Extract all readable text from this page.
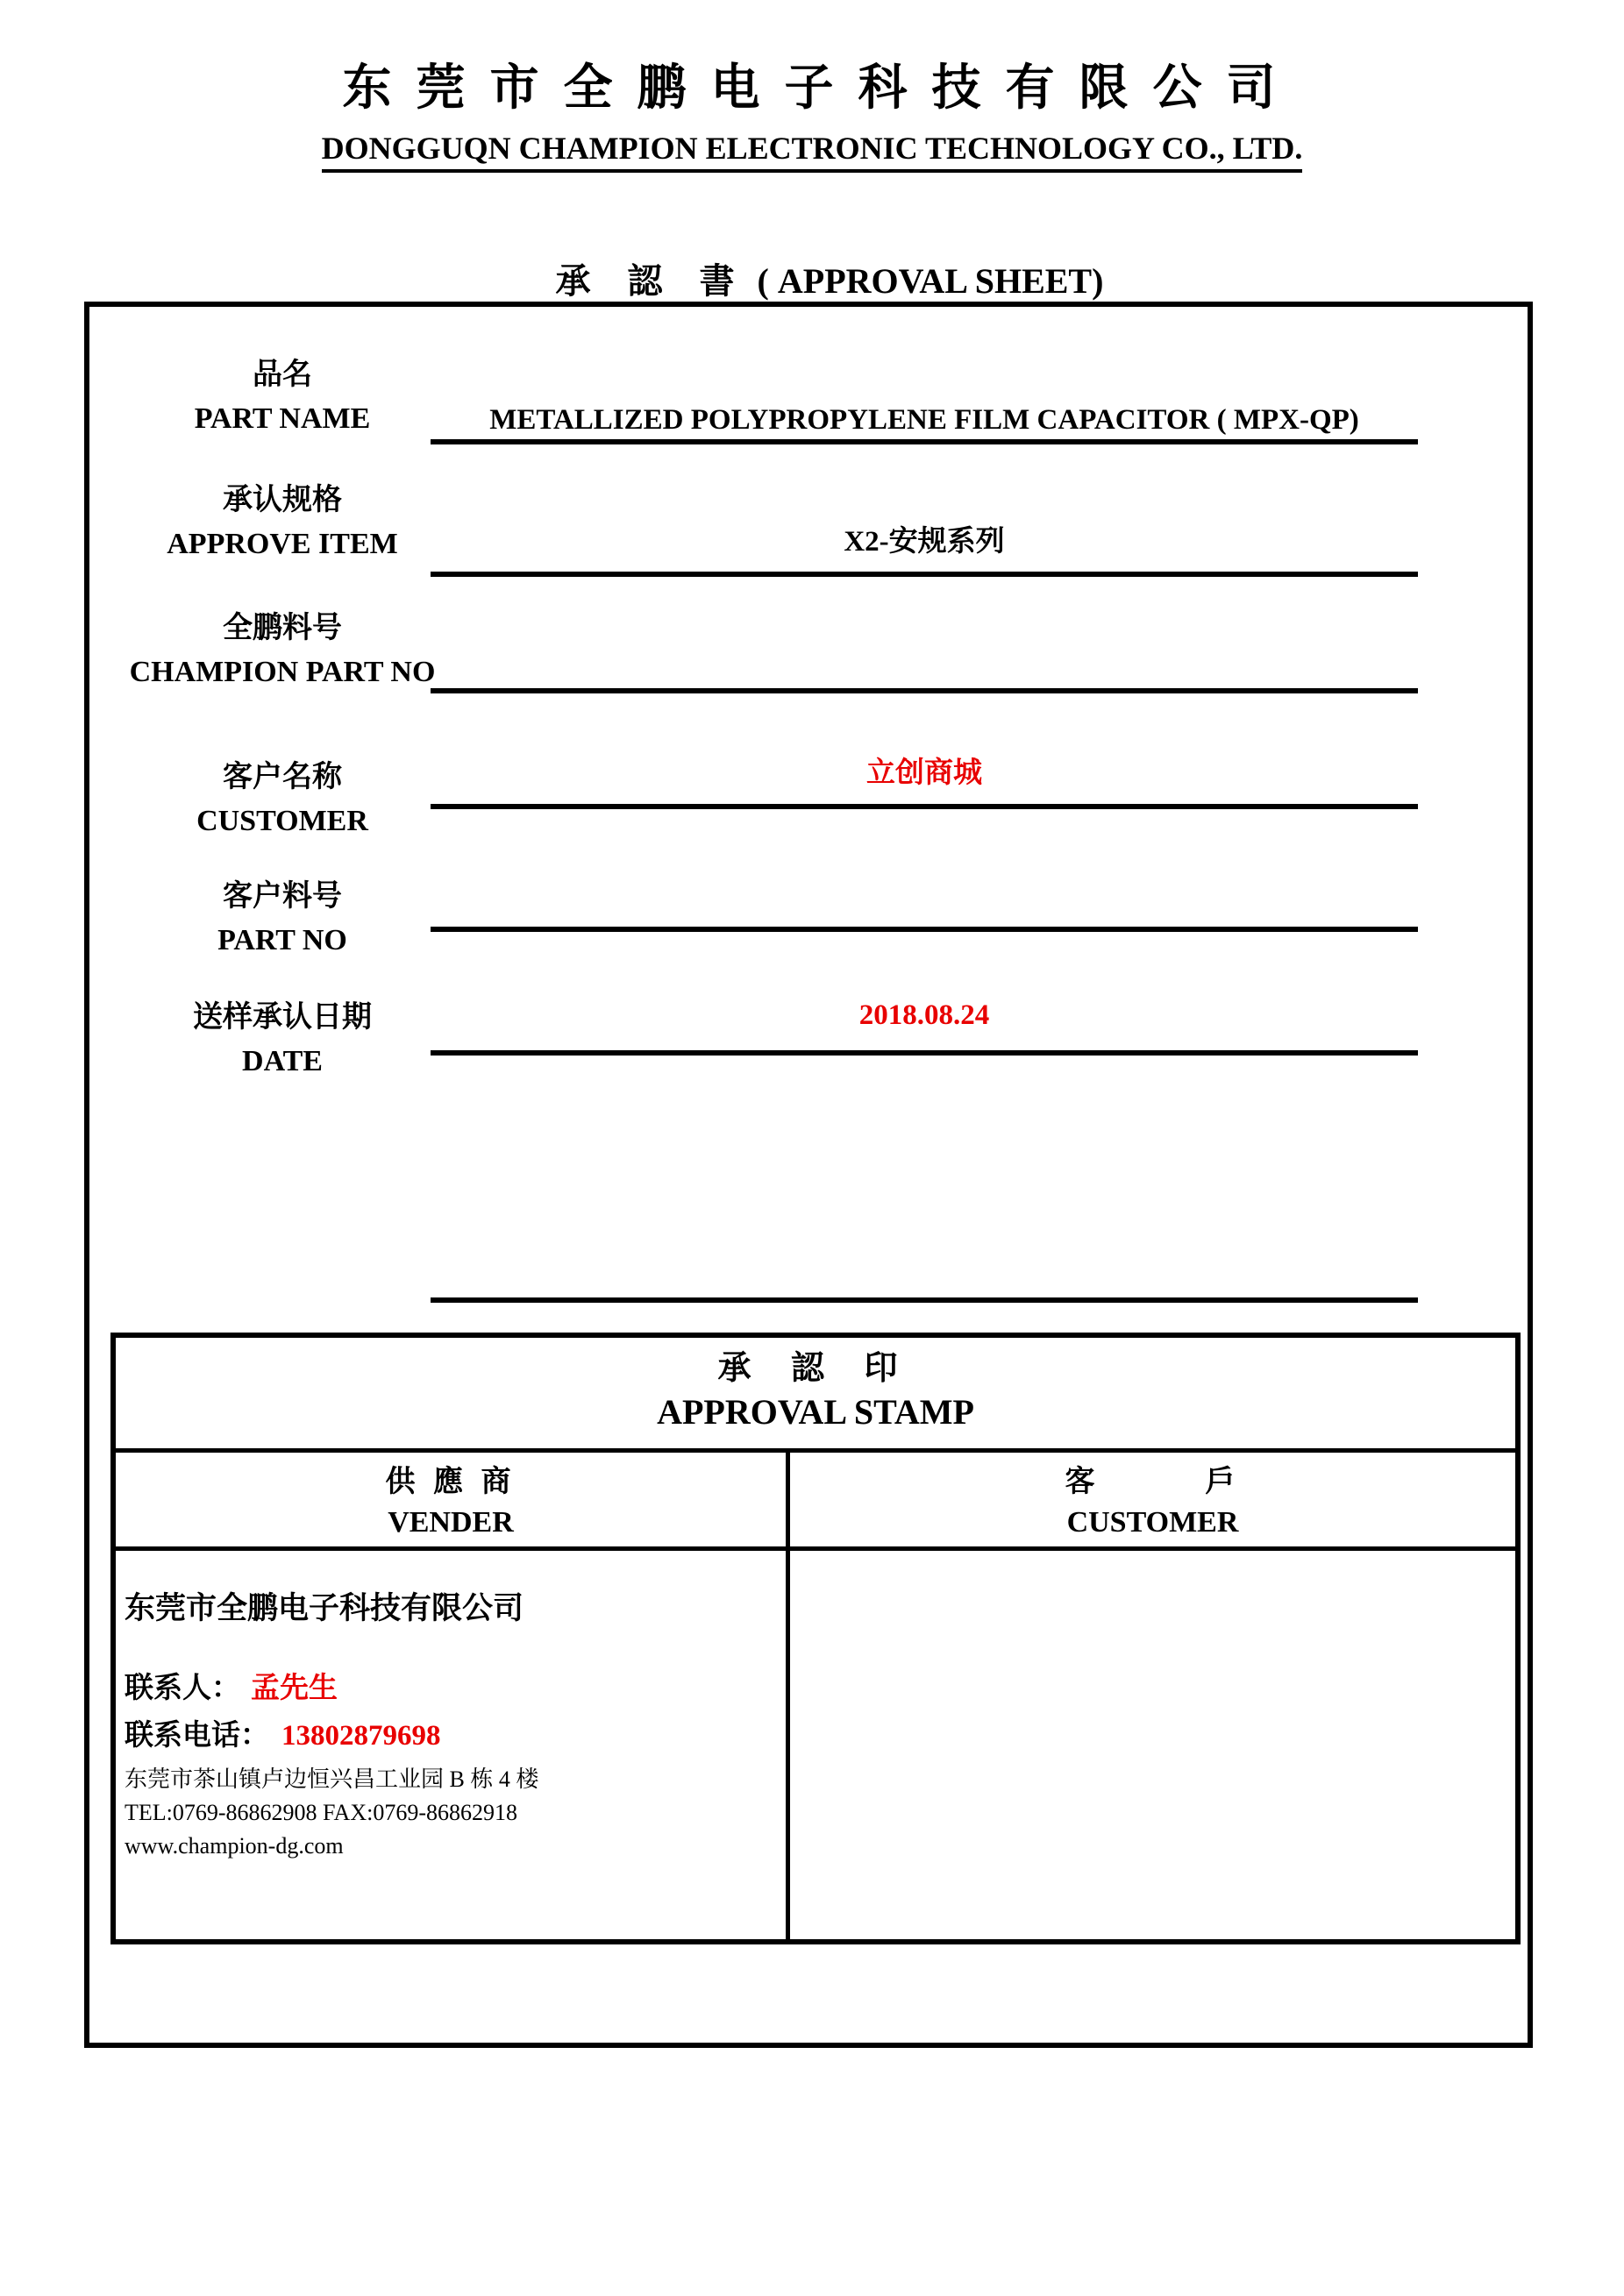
东 莞 市 全 鹏 电 子 科 技 有 限 公 司
DONGGUQN CHAMPION ELECTRONIC TECHNOLOGY CO., LTD.

承 認 書 ( APPROVAL SHEET)

品名
PART NAME	METALLIZED POLYPROPYLENE FILM CAPACITOR ( MPX-QP)
承认规格
APPROVE ITEM	X2-安规系列
全鹏料号
CHAMPION PART NO
客户名称
CUSTOMER
立创商城
客户料号
PART NO
送样承认日期
DATE
2018.08.24
承 認 印
APPROVAL STAMP
供 應 商
VENDER
客　　　戶
CUSTOMER
东莞市全鹏电子科技有限公司
联系人： 孟先生
联系电话： 13802879698
东莞市茶山镇卢边恒兴昌工业园 B 栋 4 楼
TEL:0769-86862908 FAX:0769-86862918
www.champion-dg.com
